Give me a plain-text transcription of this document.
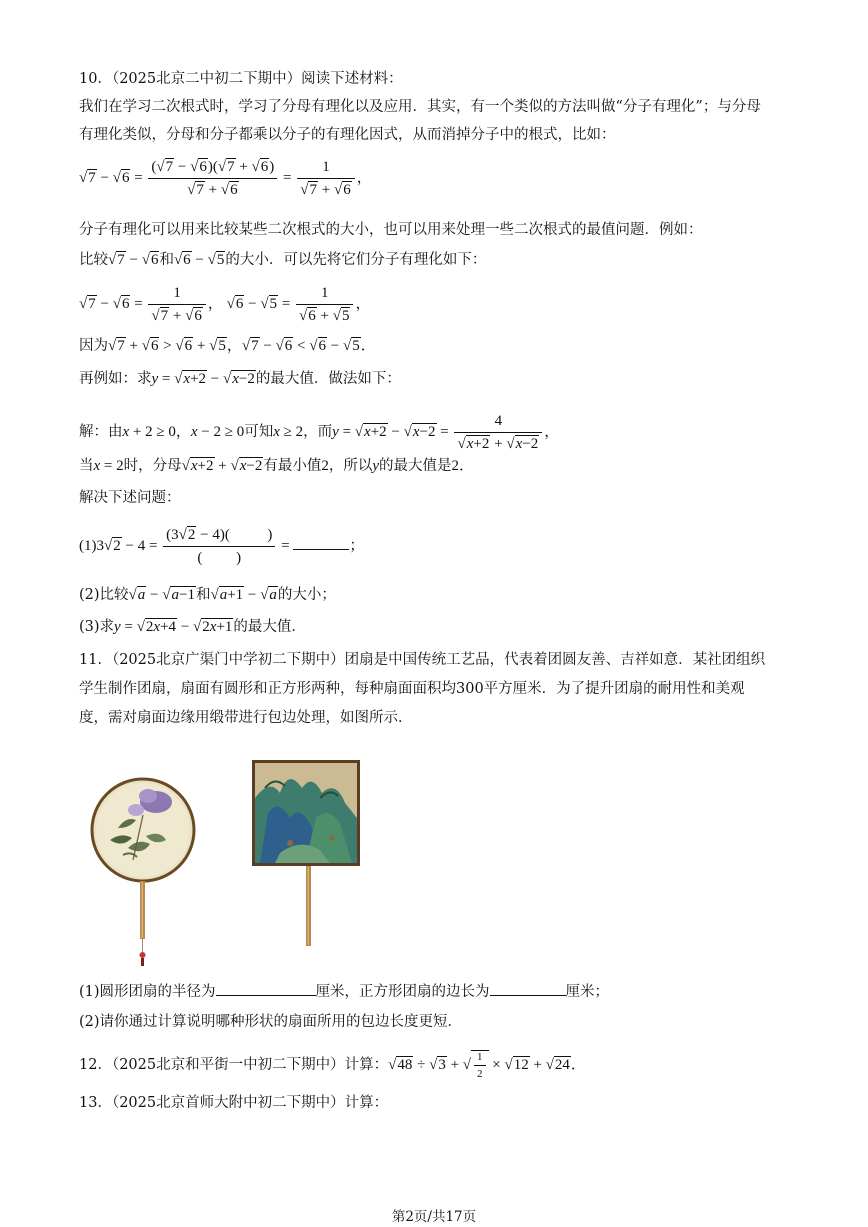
10．（2025北京二中初二下期中）阅读下述材料：
我们在学习二次根式时，学习了分母有理化以及应用．其实，有一个类似的方法叫做“分子有理化”；与分母
有理化类似，分母和分子都乘以分子的有理化因式，从而消掉分子中的根式，比如：
$√7 - √6 = \frac{(√7 - √6)(√7 + √6)}{√7 + √6} = \frac{1}{√7 + √6}$ ，
分子有理化可以用来比较某些二次根式的大小，也可以用来处理一些二次根式的最值问题．例如：
比较√7 − √6和√6 − √5的大小．可以先将它们分子有理化如下：
$√7 - √6 = \frac{1}{√7 + √6}$ ， $√6 - √5 = \frac{1}{√6 + √5}$ ，
因为√7 + √6 > √6 + √5，√7 − √6 < √6 − √5．
再例如：求y = √x+2 − √x−2的最大值．做法如下：
解：由x + 2 ≥ 0，x − 2 ≥ 0可知x ≥ 2，而$y = √x+2 - √x-2 = \frac{4}{√x+2 + √x-2}$ ，
当x = 2时，分母√x+2 + √x−2有最小值2，所以y的最大值是2．
解决下述问题：
$(1)3√2 - 4 = \frac{(3√2 - 4)( )}{( )}$ =	；
(2)比较√a − √a−1和√a+1 − √a的大小；
(3)求y = √2x+4 − √2x+1的最大值．
11．（2025北京广渠门中学初二下期中）团扇是中国传统工艺品，代表着团圆友善、吉祥如意．某社团组织
学生制作团扇，扇面有圆形和正方形两种，每种扇面面积均300平方厘米．为了提升团扇的耐用性和美观
度，需对扇面边缘用缎带进行包边处理，如图所示．
(1)圆形团扇的半径为	厘米，正方形团扇的边长为	厘米；
(2)请你通过计算说明哪种形状的扇面所用的包边长度更短．
12．（2025北京和平街一中初二下期中）计算：√48 ÷ √3 + √ $\frac{1}{2} \times √12 + √24$．
13．（2025北京首师大附中初二下期中）计算：
第2页/共17页
